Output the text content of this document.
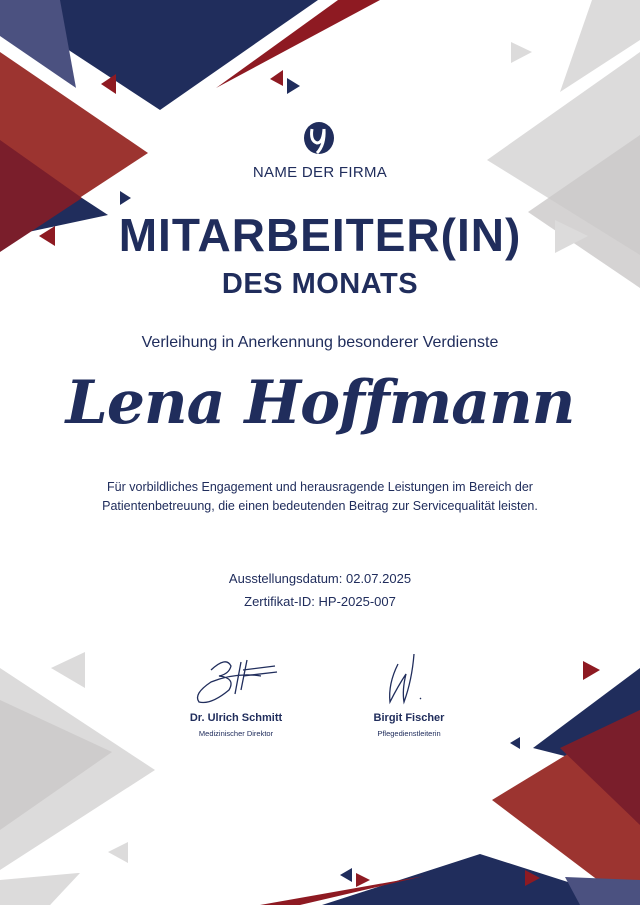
NAME DER FIRMA
MITARBEITER(IN)
DES MONATS
Verleihung in Anerkennung besonderer Verdienste
Lena Hoffmann
Für vorbildliches Engagement und herausragende Leistungen im Bereich der Patientenbetreuung, die einen bedeutenden Beitrag zur Servicequalität leisten.
Ausstellungsdatum: 02.07.2025
Zertifikat-ID: HP-2025-007
Dr. Ulrich Schmitt
Medizinischer Direktor
Birgit Fischer
Pflegedienstleiterin
